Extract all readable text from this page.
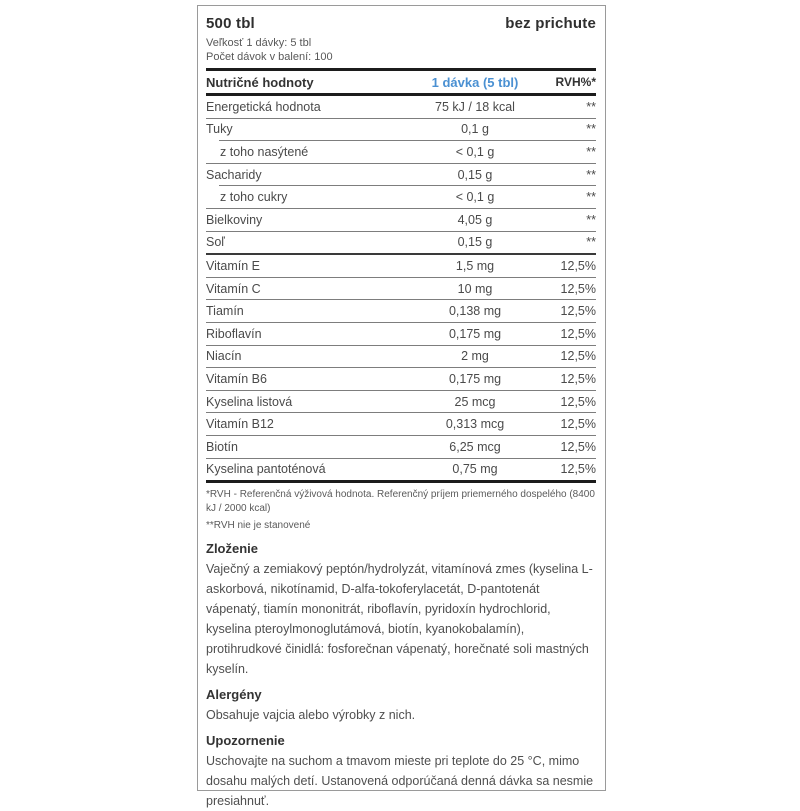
500 tbl	bez prichute
Veľkosť 1 dávky: 5 tbl
Počet dávok v balení: 100
Nutričné hodnoty	1 dávka (5 tbl)	RVH%*
Energetická hodnota	75 kJ / 18 kcal	**
Tuky	0,1 g	**
z toho nasýtené	< 0,1 g	**
Sacharidy	0,15 g	**
z toho cukry	< 0,1 g	**
Bielkoviny	4,05 g	**
Soľ	0,15 g	**
Vitamín E	1,5 mg	12,5%
Vitamín C	10 mg	12,5%
Tiamín	0,138 mg	12,5%
Riboflavín	0,175 mg	12,5%
Niacín	2 mg	12,5%
Vitamín B6	0,175 mg	12,5%
Kyselina listová	25 mcg	12,5%
Vitamín B12	0,313 mcg	12,5%
Biotín	6,25 mcg	12,5%
Kyselina pantoténová	0,75 mg	12,5%
*RVH - Referenčná výživová hodnota. Referenčný príjem priemerného dospelého (8400 kJ / 2000 kcal)
**RVH nie je stanovené
Zloženie
Vaječný a zemiakový peptón/hydrolyzát, vitamínová zmes (kyselina L-askorbová, nikotínamid, D-alfa-tokoferylacetát, D-pantotenát vápenatý, tiamín mononitrát, riboflavín, pyridoxín hydrochlorid, kyselina pteroylmonoglutámová, biotín, kyanokobalamín), protihrudkové činidlá: fosforečnan vápenatý, horečnaté soli mastných kyselín.
Alergény
Obsahuje vajcia alebo výrobky z nich.
Upozornenie
Uschovajte na suchom a tmavom mieste pri teplote do 25 °C, mimo dosahu malých detí. Ustanovená odporúčaná denná dávka sa nesmie presiahnuť.
